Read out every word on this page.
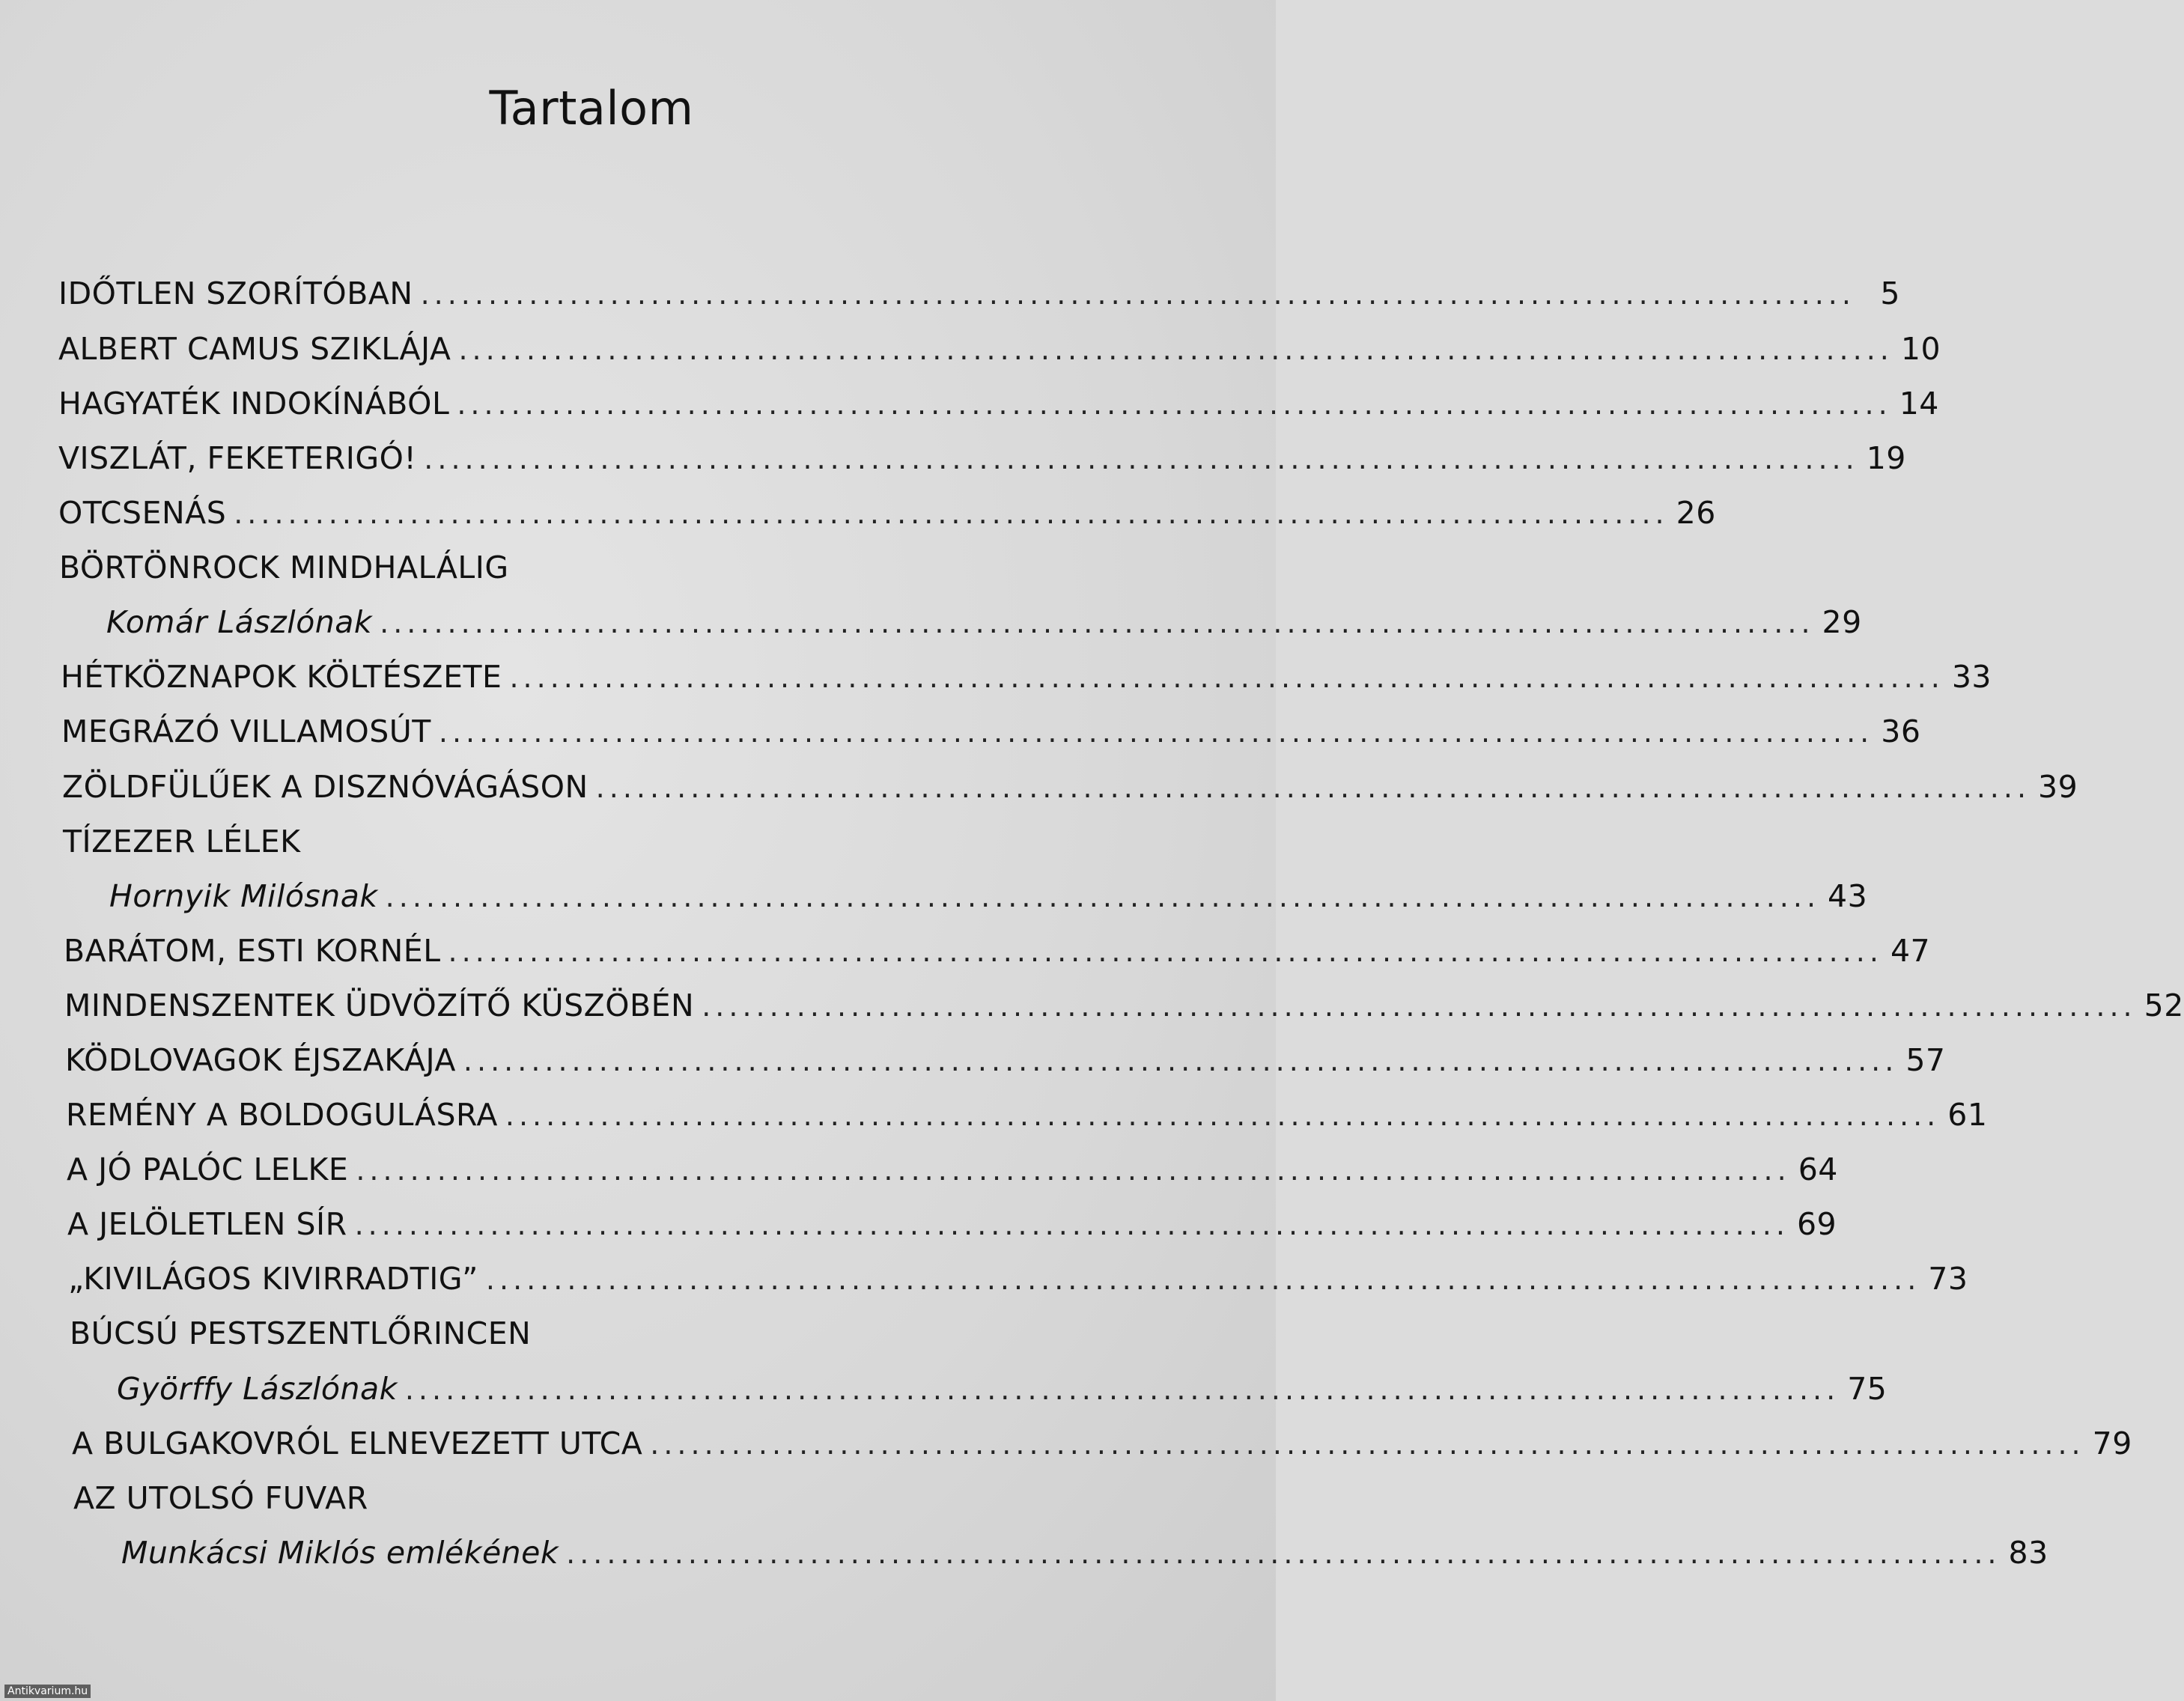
Tartalom
IDŐTLEN SZORÍTÓBAN .......................................................................................................... 5
ALBERT CAMUS SZIKLÁJA .......................................................................................................... 10
HAGYATÉK INDOKÍNÁBÓL .......................................................................................................... 14
VISZLÁT, FEKETERIGÓ! .......................................................................................................... 19
OTCSENÁS .......................................................................................................... 26
BÖRTÖNROCK MINDHALÁLIG
Komár Lászlónak .......................................................................................................... 29
HÉTKÖZNAPOK KÖLTÉSZETE .......................................................................................................... 33
MEGRÁZÓ VILLAMOSÚT .......................................................................................................... 36
ZÖLDFÜLŰEK A DISZNÓVÁGÁSON .......................................................................................................... 39
TÍZEZER LÉLEK
Hornyik Milósnak .......................................................................................................... 43
BARÁTOM, ESTI KORNÉL .......................................................................................................... 47
MINDENSZENTEK ÜDVÖZÍTŐ KÜSZÖBÉN .......................................................................................................... 52
KÖDLOVAGOK ÉJSZAKÁJA .......................................................................................................... 57
REMÉNY A BOLDOGULÁSRA .......................................................................................................... 61
A JÓ PALÓC LELKE .......................................................................................................... 64
A JELÖLETLEN SÍR .......................................................................................................... 69
„KIVILÁGOS KIVIRRADTIG” .......................................................................................................... 73
BÚCSÚ PESTSZENTLŐRINCEN
Györffy Lászlónak .......................................................................................................... 75
A BULGAKOVRÓL ELNEVEZETT UTCA .......................................................................................................... 79
AZ UTOLSÓ FUVAR
Munkácsi Miklós emlékének .......................................................................................................... 83
Antikvarium.hu
